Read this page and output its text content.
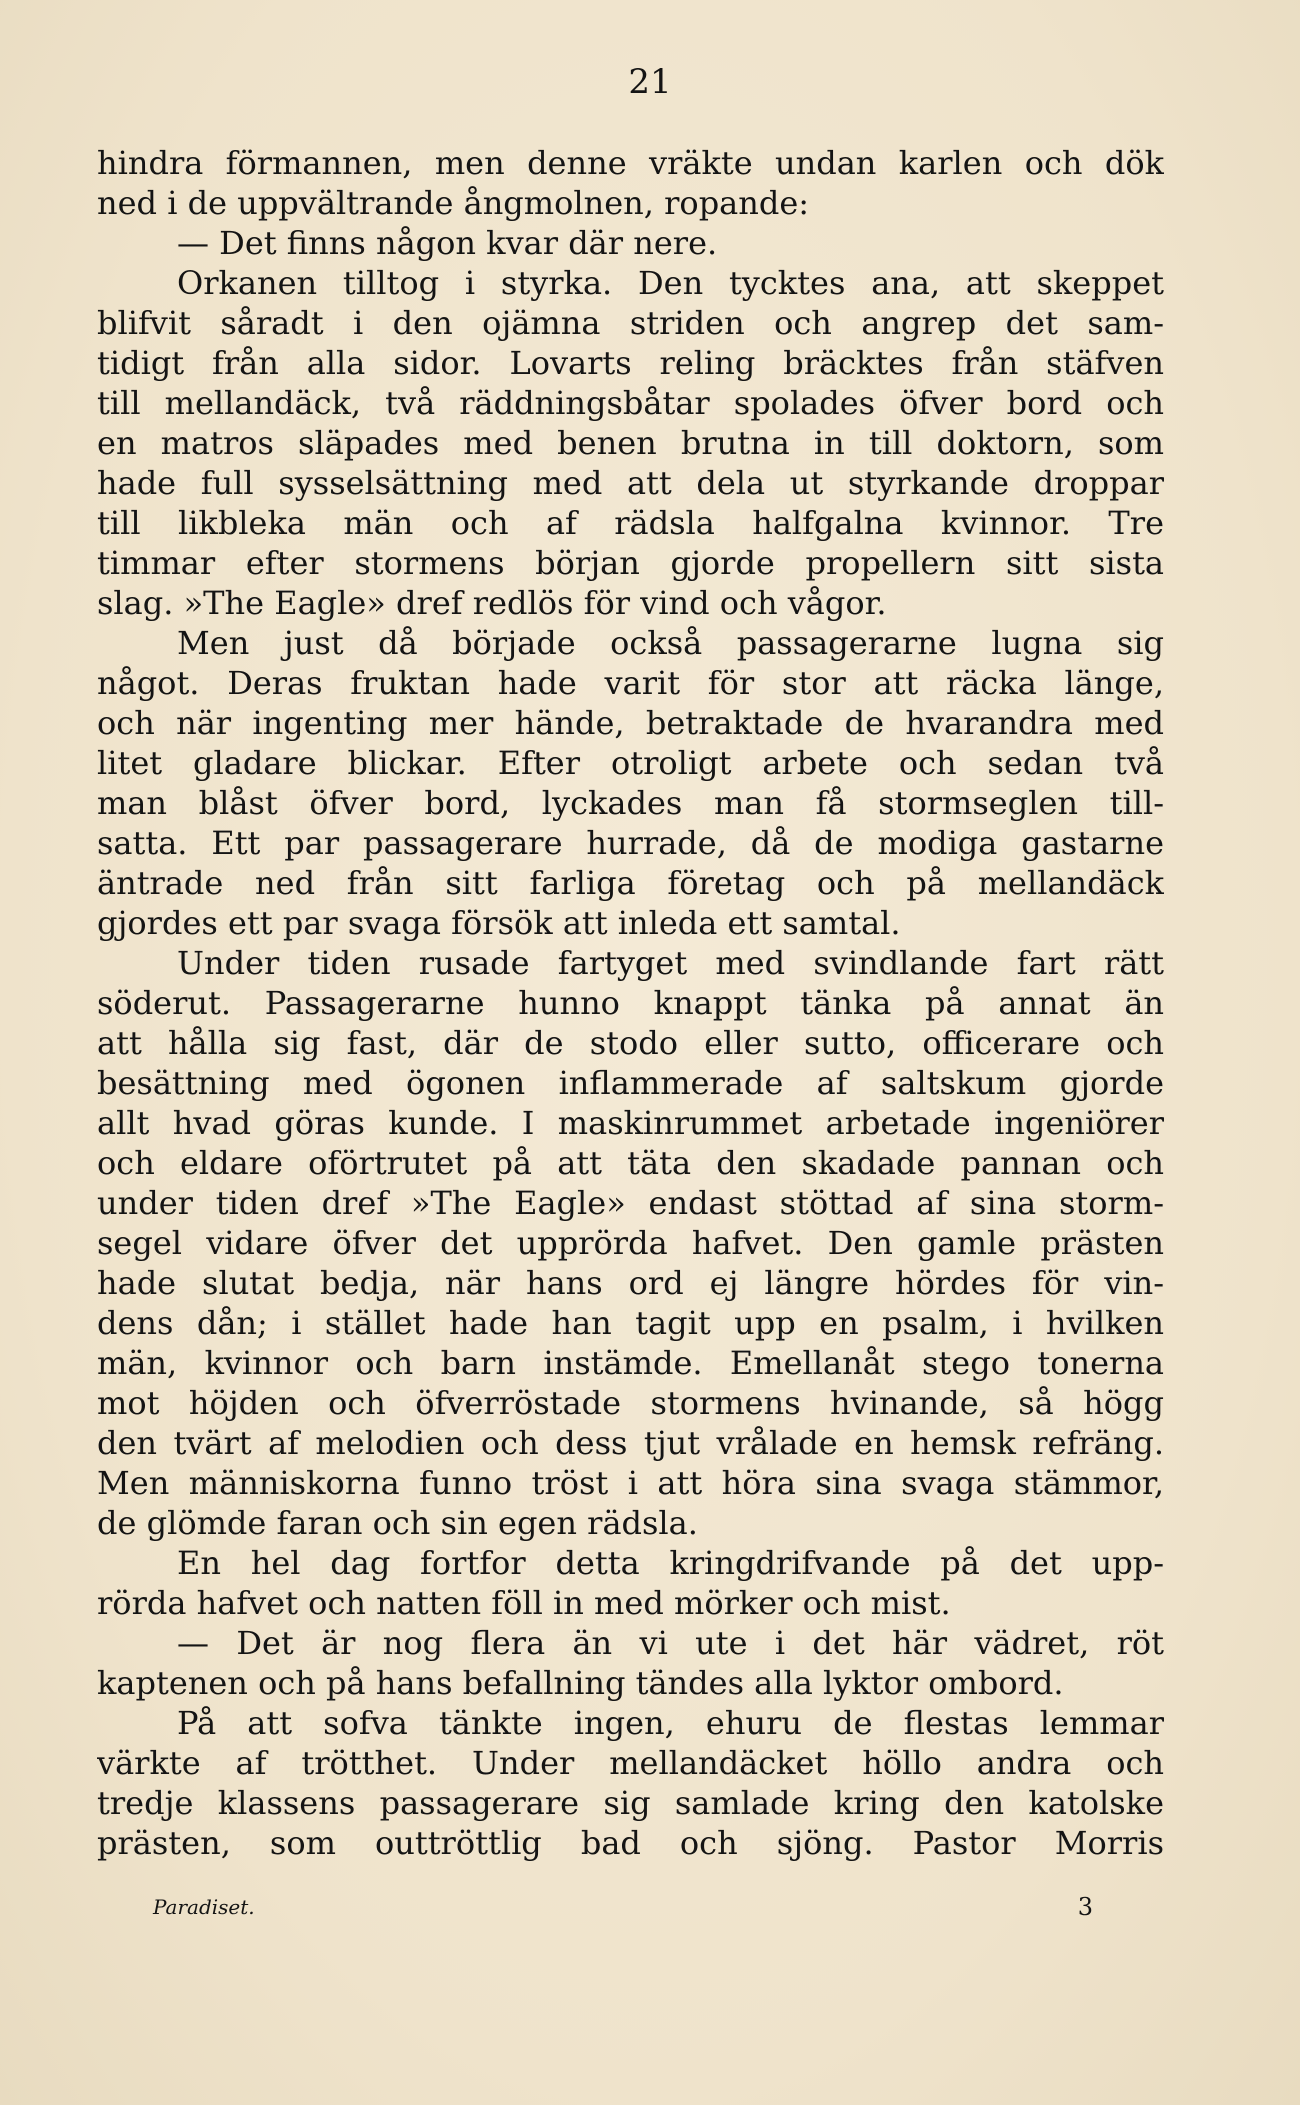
21
hindra förmannen, men denne vräkte undan karlen och dök
ned i de uppvältrande ångmolnen, ropande:
— Det finns någon kvar där nere.
Orkanen tilltog i styrka. Den tycktes ana, att skeppet
blifvit såradt i den ojämna striden och angrep det sam-
tidigt från alla sidor. Lovarts reling bräcktes från stäfven
till mellandäck, två räddningsbåtar spolades öfver bord och
en matros släpades med benen brutna in till doktorn, som
hade full sysselsättning med att dela ut styrkande droppar
till likbleka män och af rädsla halfgalna kvinnor. Tre
timmar efter stormens början gjorde propellern sitt sista
slag. »The Eagle» dref redlös för vind och vågor.
Men just då började också passagerarne lugna sig
något. Deras fruktan hade varit för stor att räcka länge,
och när ingenting mer hände, betraktade de hvarandra med
litet gladare blickar. Efter otroligt arbete och sedan två
man blåst öfver bord, lyckades man få stormseglen till-
satta. Ett par passagerare hurrade, då de modiga gastarne
äntrade ned från sitt farliga företag och på mellandäck
gjordes ett par svaga försök att inleda ett samtal.
Under tiden rusade fartyget med svindlande fart rätt
söderut. Passagerarne hunno knappt tänka på annat än
att hålla sig fast, där de stodo eller sutto, officerare och
besättning med ögonen inflammerade af saltskum gjorde
allt hvad göras kunde. I maskinrummet arbetade ingeniörer
och eldare oförtrutet på att täta den skadade pannan och
under tiden dref »The Eagle» endast stöttad af sina storm-
segel vidare öfver det upprörda hafvet. Den gamle prästen
hade slutat bedja, när hans ord ej längre hördes för vin-
dens dån; i stället hade han tagit upp en psalm, i hvilken
män, kvinnor och barn instämde. Emellanåt stego tonerna
mot höjden och öfverröstade stormens hvinande, så högg
den tvärt af melodien och dess tjut vrålade en hemsk refräng.
Men människorna funno tröst i att höra sina svaga stämmor,
de glömde faran och sin egen rädsla.
En hel dag fortfor detta kringdrifvande på det upp-
rörda hafvet och natten föll in med mörker och mist.
— Det är nog flera än vi ute i det här vädret, röt
kaptenen och på hans befallning tändes alla lyktor ombord.
På att sofva tänkte ingen, ehuru de flestas lemmar
värkte af trötthet. Under mellandäcket höllo andra och
tredje klassens passagerare sig samlade kring den katolske
prästen, som outtröttlig bad och sjöng. Pastor Morris
Paradiset.	3
